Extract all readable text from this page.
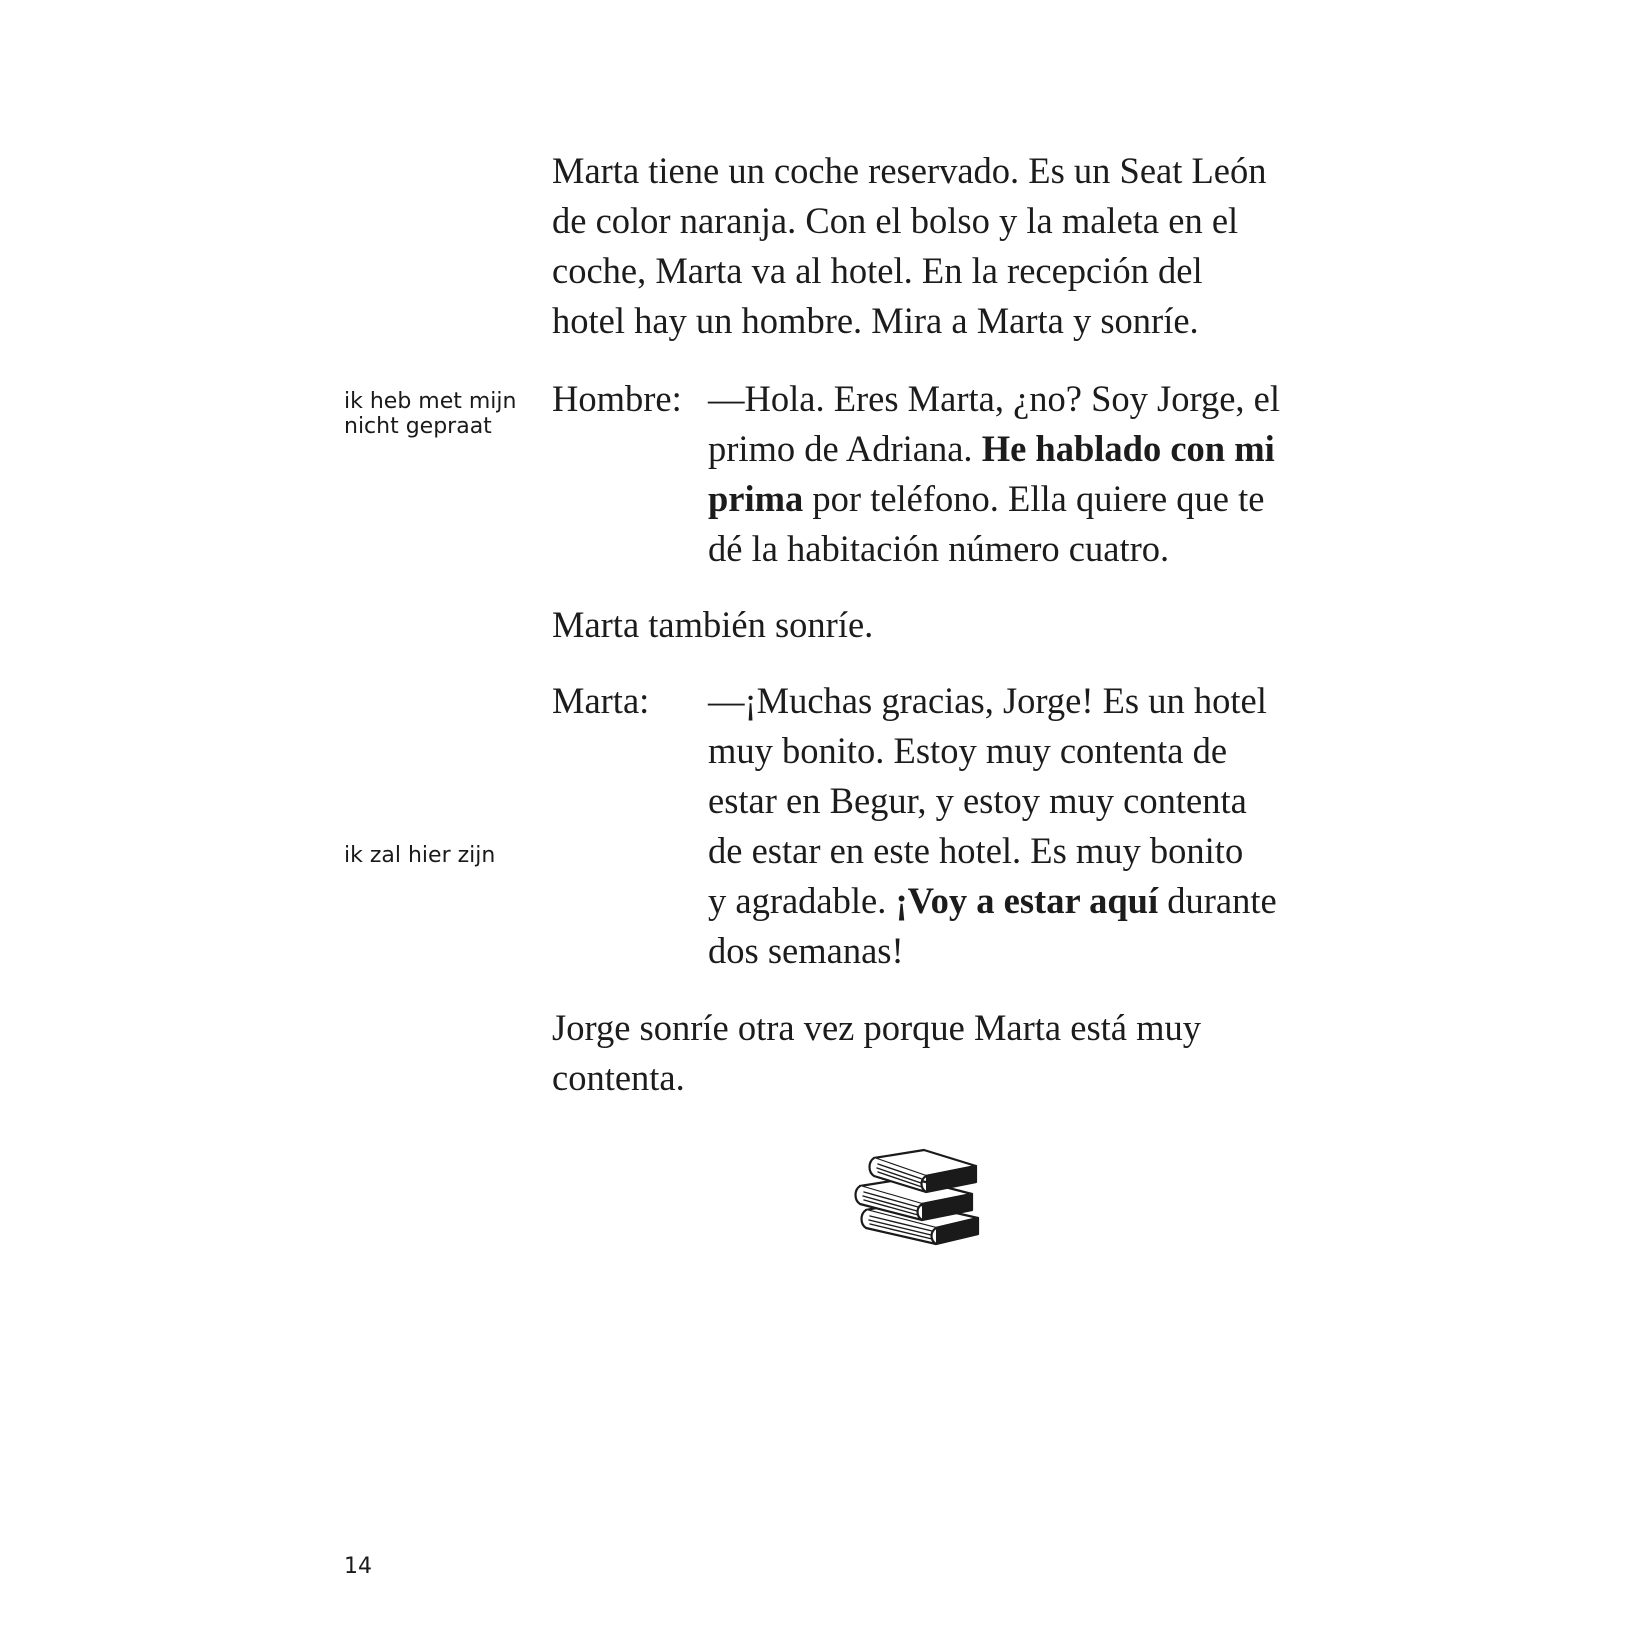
Marta tiene un coche reservado. Es un Seat León
de color naranja. Con el bolso y la maleta en el
coche, Marta va al hotel. En la recepción del
hotel hay un hombre. Mira a Marta y sonríe.

ik heb met mijn
nicht gepraat
Hombre: —Hola. Eres Marta, ¿no? Soy Jorge, el
primo de Adriana. He hablado con mi
prima por teléfono. Ella quiere que te
dé la habitación número cuatro.

Marta también sonríe.

Marta: —¡Muchas gracias, Jorge! Es un hotel
muy bonito. Estoy muy contenta de
estar en Begur, y estoy muy contenta
de estar en este hotel. Es muy bonito
y agradable. ¡Voy a estar aquí durante
dos semanas!
ik zal hier zijn

Jorge sonríe otra vez porque Marta está muy
contenta.

14
